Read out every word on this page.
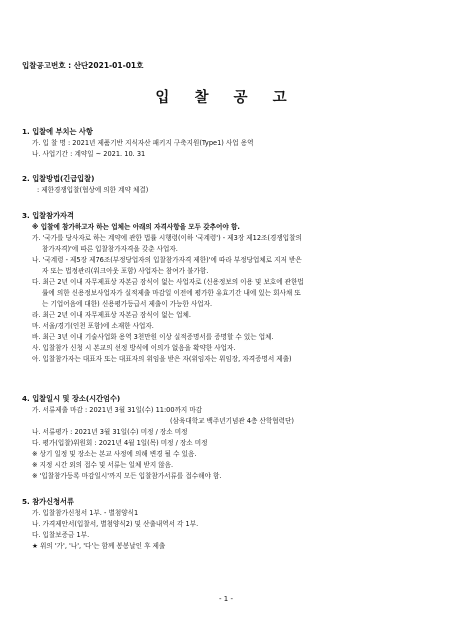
입찰공고번호 : 산단2021-01-01호
입 찰 공 고
1. 입찰에 부치는 사항
가. 입 찰 명 : 2021년 제품기반 지식자산 패키지 구축지원(Type1) 사업 용역
나. 사업기간 : 계약일 ~ 2021. 10. 31
2. 입찰방법(긴급입찰)
: 제한경쟁입찰(협상에 의한 계약 체결)
3. 입찰참가자격
※ 입찰에 참가하고자 하는 업체는 아래의 자격사항을 모두 갖추어야 함.
가. '국가를 당사자로 하는 계약에 관한 법률 시행령(이하 '국계령') - 제3장 제12조(경쟁입찰의
참가자격)'에 따른 입찰참가자격을 갖춘 사업자.
나. '국계령 - 제5장 제76조(부정당업자의 입찰참가자격 제한)'에 따라 부정당업체로 지저 받은
자 또는 법정관리(워크아웃 포함) 사업자는 참여가 불가함.
다. 최근 2년 이내 자무제표상 자본금 잠식이 없는 사업자로 (신용정보의 이용 및 보호에 관한법
률에 의한 신용정보사업자가 실적제출 마감일 이전에 평가한 유효기간 내에 있는 회사채 또
는 기업어음에 대한) 신용평가등급서 제출이 가능한 사업자.
라. 최근 2년 이내 자무제표상 자본금 잠식이 없는 업체.
마. 서울/경기(인천 포함)에 소재한 사업자.
바. 최근 3년 이내 기술사업화 용역 3천만원 이상 실적증명서를 증명할 수 있는 업체.
사. 입찰참가 신청 시 본교의 선정 방식에 이의가 없음을 확약한 사업자.
아. 입찰참가자는 대표자 또는 대표자의 위임을 받은 자(위임자는 위임장, 자격증명서 제출)
4. 입찰일시 및 장소(시간엄수)
가. 서류제출 마감 : 2021년 3월 31일(수) 11:00까지 마감
(삼육대학교 백주년기념관 4층 산학협력단)
나. 서류평가 : 2021년 3월 31일(수) 미정 / 장소 미정
다. 평가(입찰)위원회 : 2021년 4월 1일(목) 미정 / 장소 미정
※ 상기 일정 및 장소는 본교 사정에 의해 변경 될 수 있음.
※ 지정 시간 외의 접수 및 서류는 일체 받지 않음.
※ '입찰참가등록 마감일시'까지 모든 입찰참가서류를 접수해야 함.
5. 참가신청서류
가. 입찰참가신청서 1부. - 별첨양식1
나. 가격제안서(입찰서, 별첨양식2) 및 산출내역서 각 1부.
다. 입찰보증금 1부.
★ 위의 '가', '나', '다'는 함께 봉봉날인 후 제출
- 1 -
